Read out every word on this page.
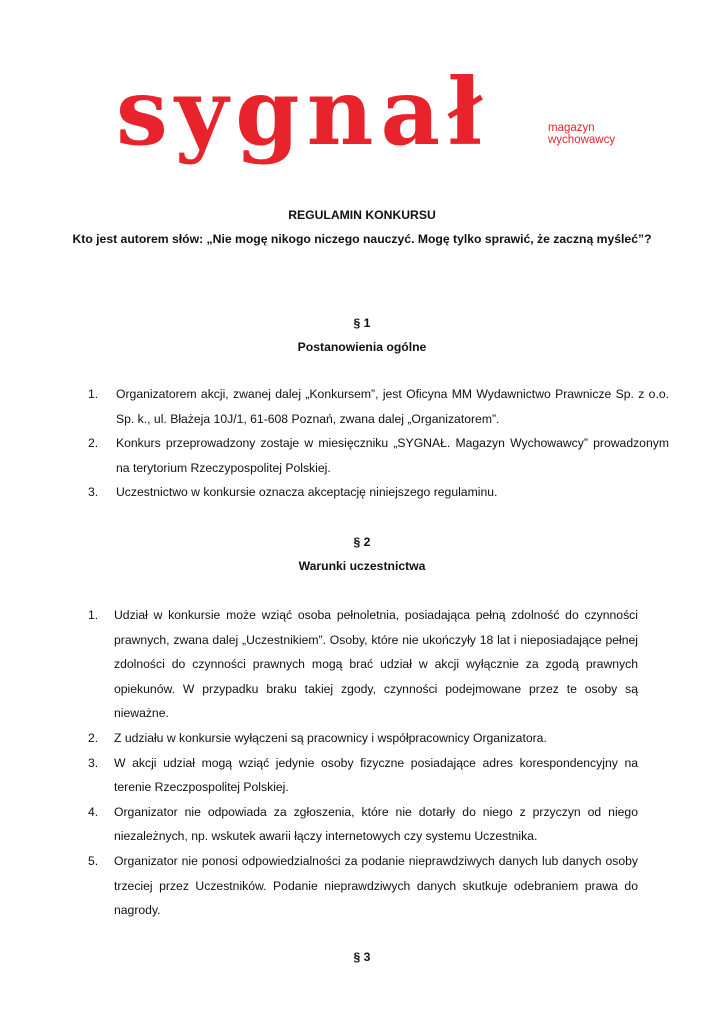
sygnał	magazyn
wychowawcy
REGULAMIN KONKURSU
Kto jest autorem słów: „Nie mogę nikogo niczego nauczyć. Mogę tylko sprawić, że zaczną myśleć”?
§ 1
Postanowienia ogólne
1.	Organizatorem akcji, zwanej dalej „Konkursem”, jest Oficyna MM Wydawnictwo Prawnicze Sp. z o.o. Sp. k., ul. Błażeja 10J/1, 61-608 Poznań, zwana dalej „Organizatorem”.
2.	Konkurs przeprowadzony zostaje w miesięczniku „SYGNAŁ. Magazyn Wychowawcy” prowadzonym na terytorium Rzeczypospolitej Polskiej.
3.	Uczestnictwo w konkursie oznacza akceptację niniejszego regulaminu.
§ 2
Warunki uczestnictwa
1.	Udział w konkursie może wziąć osoba pełnoletnia, posiadająca pełną zdolność do czynności prawnych, zwana dalej „Uczestnikiem”. Osoby, które nie ukończyły 18 lat i nieposiadające pełnej zdolności do czynności prawnych mogą brać udział w akcji wyłącznie za zgodą prawnych opiekunów. W przypadku braku takiej zgody, czynności podejmowane przez te osoby są nieważne.
2.	Z udziału w konkursie wyłączeni są pracownicy i współpracownicy Organizatora.
3.	W akcji udział mogą wziąć jedynie osoby fizyczne posiadające adres korespondencyjny na terenie Rzeczpospolitej Polskiej.
4.	Organizator nie odpowiada za zgłoszenia, które nie dotarły do niego z przyczyn od niego niezależnych, np. wskutek awarii łączy internetowych czy systemu Uczestnika.
5.	Organizator nie ponosi odpowiedzialności za podanie nieprawdziwych danych lub danych osoby trzeciej przez Uczestników. Podanie nieprawdziwych danych skutkuje odebraniem prawa do nagrody.
§ 3
